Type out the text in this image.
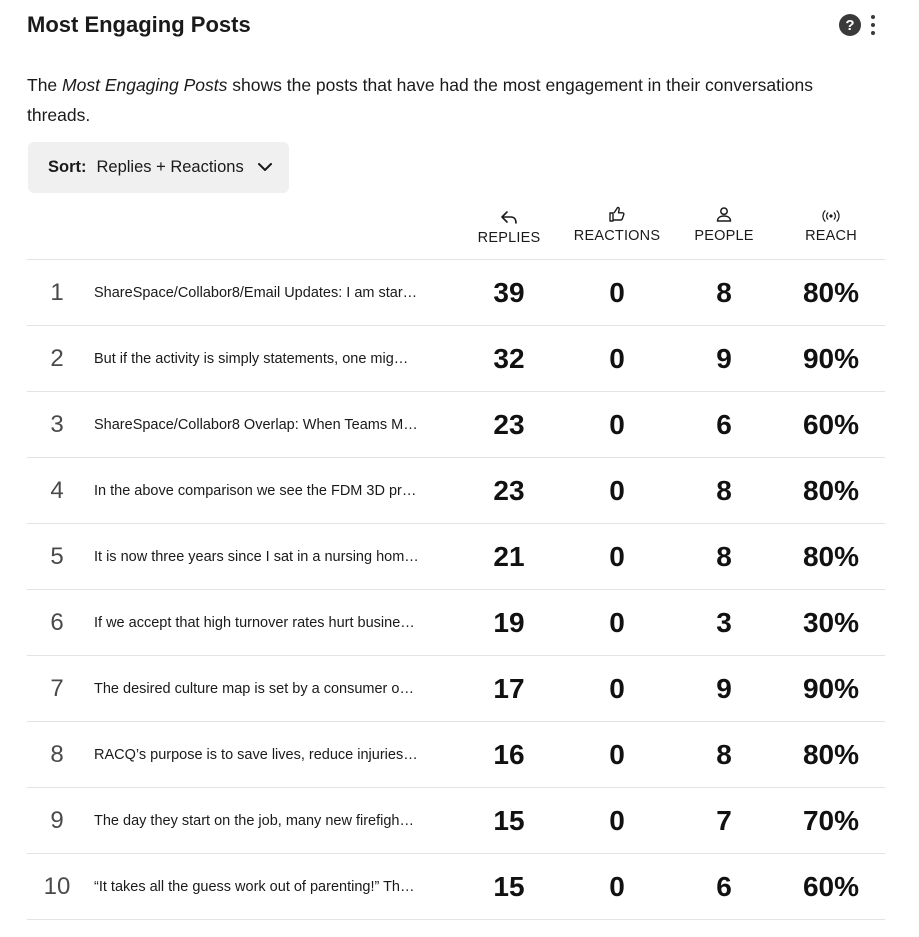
Most Engaging Posts	?
The Most Engaging Posts shows the posts that have had the most engagement in their conversations threads.
Sort: Replies + Reactions
REPLIES	REACTIONS	PEOPLE	REACH
1	ShareSpace/Collabor8/Email Updates: I am star…	39	0	8	80%
2	But if the activity is simply statements, one mig…	32	0	9	90%
3	ShareSpace/Collabor8 Overlap: When Teams M…	23	0	6	60%
4	In the above comparison we see the FDM 3D pr…	23	0	8	80%
5	It is now three years since I sat in a nursing hom…	21	0	8	80%
6	If we accept that high turnover rates hurt busine…	19	0	3	30%
7	The desired culture map is set by a consumer o…	17	0	9	90%
8	RACQ’s purpose is to save lives, reduce injuries…	16	0	8	80%
9	The day they start on the job, many new firefigh…	15	0	7	70%
10	“It takes all the guess work out of parenting!” Th…	15	0	6	60%
